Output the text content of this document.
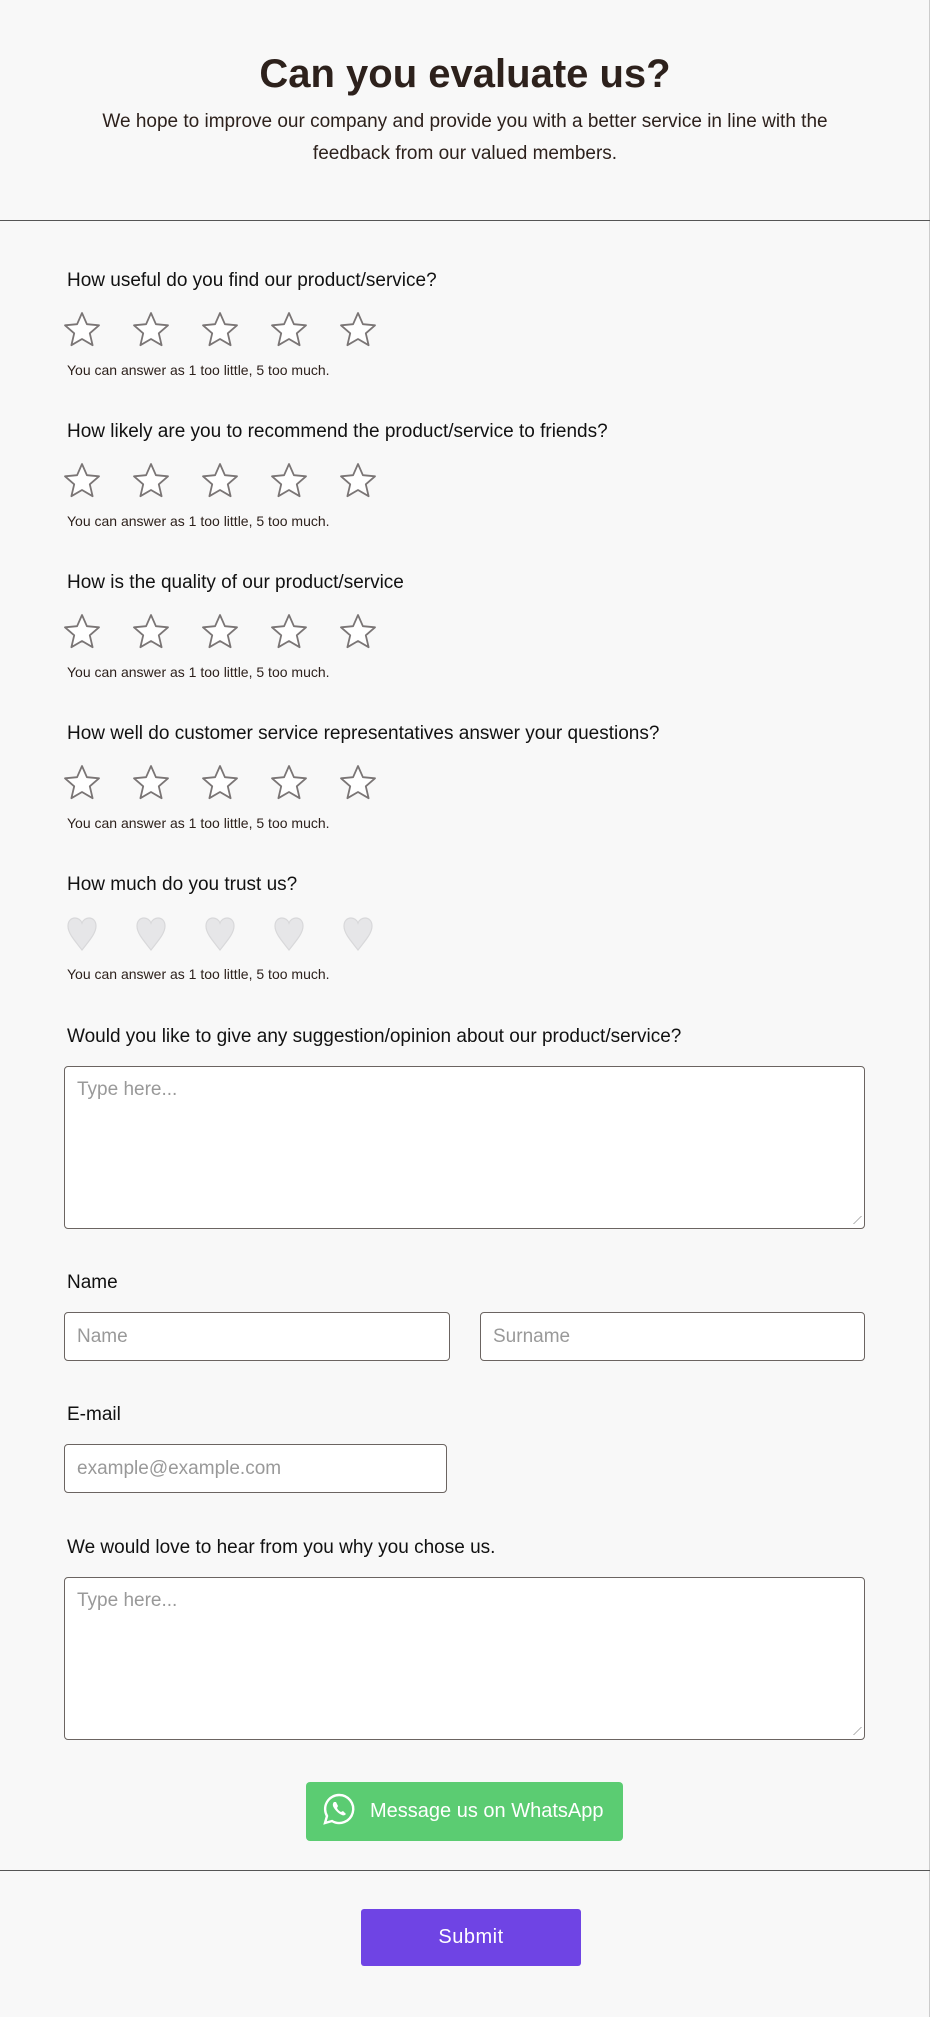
Can you evaluate us?
We hope to improve our company and provide you with a better service in line with the feedback from our valued members.
How useful do you find our product/service?
You can answer as 1 too little, 5 too much.
How likely are you to recommend the product/service to friends?
You can answer as 1 too little, 5 too much.
How is the quality of our product/service
You can answer as 1 too little, 5 too much.
How well do customer service representatives answer your questions?
You can answer as 1 too little, 5 too much.
How much do you trust us?
You can answer as 1 too little, 5 too much.
Would you like to give any suggestion/opinion about our product/service?
Type here...
Name
Name
Surname
E-mail
example@example.com
We would love to hear from you why you chose us.
Type here...
Message us on WhatsApp
Submit
